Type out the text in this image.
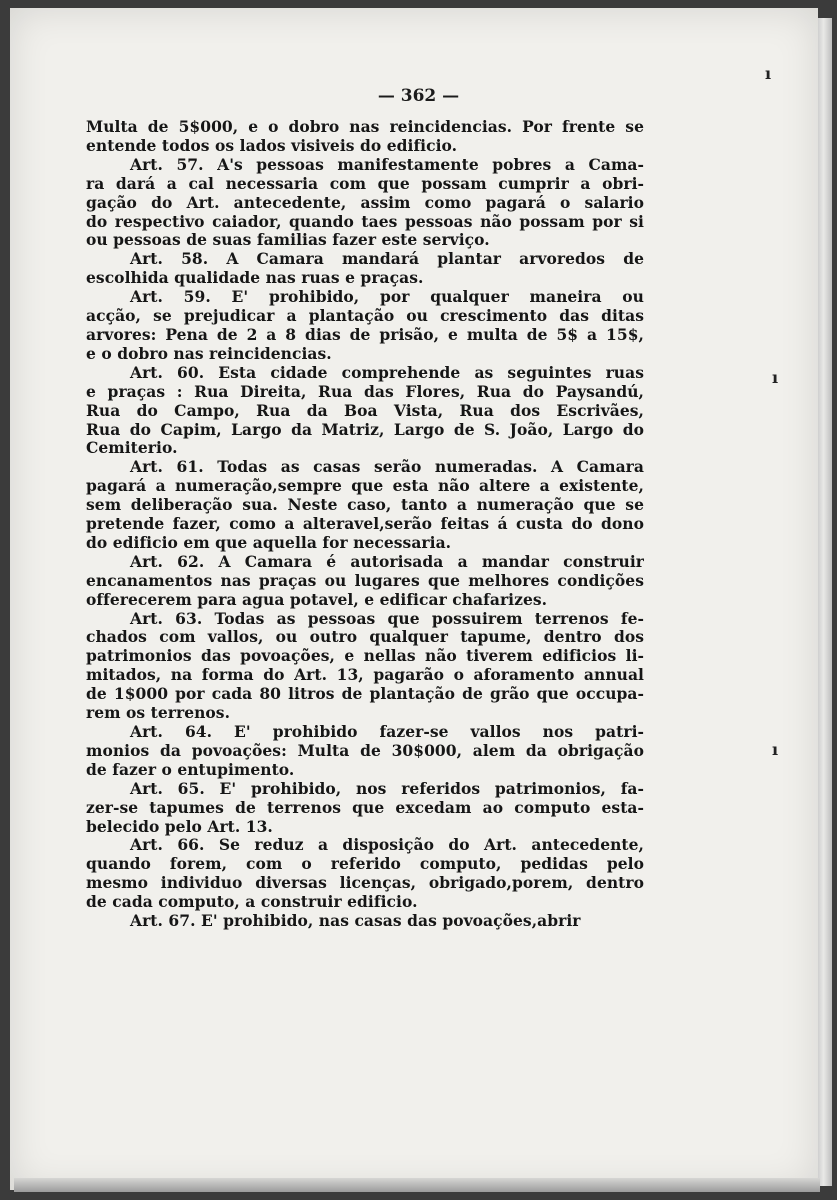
— 362 —
Multa de 5$000, e o dobro nas reincidencias. Por frente se
entende todos os lados visiveis do edificio.
Art. 57. A's pessoas manifestamente pobres a Cama-
ra dará a cal necessaria com que possam cumprir a obri-
gação do Art. antecedente, assim como pagará o salario
do respectivo caiador, quando taes pessoas não possam por si
ou pessoas de suas familias fazer este serviço.
Art. 58. A Camara mandará plantar arvoredos de
escolhida qualidade nas ruas e praças.
Art. 59. E' prohibido, por qualquer maneira ou
acção, se prejudicar a plantação ou crescimento das ditas
arvores: Pena de 2 a 8 dias de prisão, e multa de 5$ a 15$,
e o dobro nas reincidencias.
Art. 60. Esta cidade comprehende as seguintes ruas
e praças : Rua Direita, Rua das Flores, Rua do Paysandú,
Rua do Campo, Rua da Boa Vista, Rua dos Escrivães,
Rua do Capim, Largo da Matriz, Largo de S. João, Largo do
Cemiterio.
Art. 61. Todas as casas serão numeradas. A Camara
pagará a numeração,sempre que esta não altere a existente,
sem deliberação sua. Neste caso, tanto a numeração que se
pretende fazer, como a alteravel,serão feitas á custa do dono
do edificio em que aquella for necessaria.
Art. 62. A Camara é autorisada a mandar construir
encanamentos nas praças ou lugares que melhores condições
offerecerem para agua potavel, e edificar chafarizes.
Art. 63. Todas as pessoas que possuirem terrenos fe-
chados com vallos, ou outro qualquer tapume, dentro dos
patrimonios das povoações, e nellas não tiverem edificios li-
mitados, na forma do Art. 13, pagarão o aforamento annual
de 1$000 por cada 80 litros de plantação de grão que occupa-
rem os terrenos.
Art. 64. E' prohibido fazer-se vallos nos patri-
monios da povoações: Multa de 30$000, alem da obrigação
de fazer o entupimento.
Art. 65. E' prohibido, nos referidos patrimonios, fa-
zer-se tapumes de terrenos que excedam ao computo esta-
belecido pelo Art. 13.
Art. 66. Se reduz a disposição do Art. antecedente,
quando forem, com o referido computo, pedidas pelo
mesmo individuo diversas licenças, obrigado,porem, dentro
de cada computo, a construir edificio.
Art. 67. E' prohibido, nas casas das povoações,abrir
ı
ı
ı
